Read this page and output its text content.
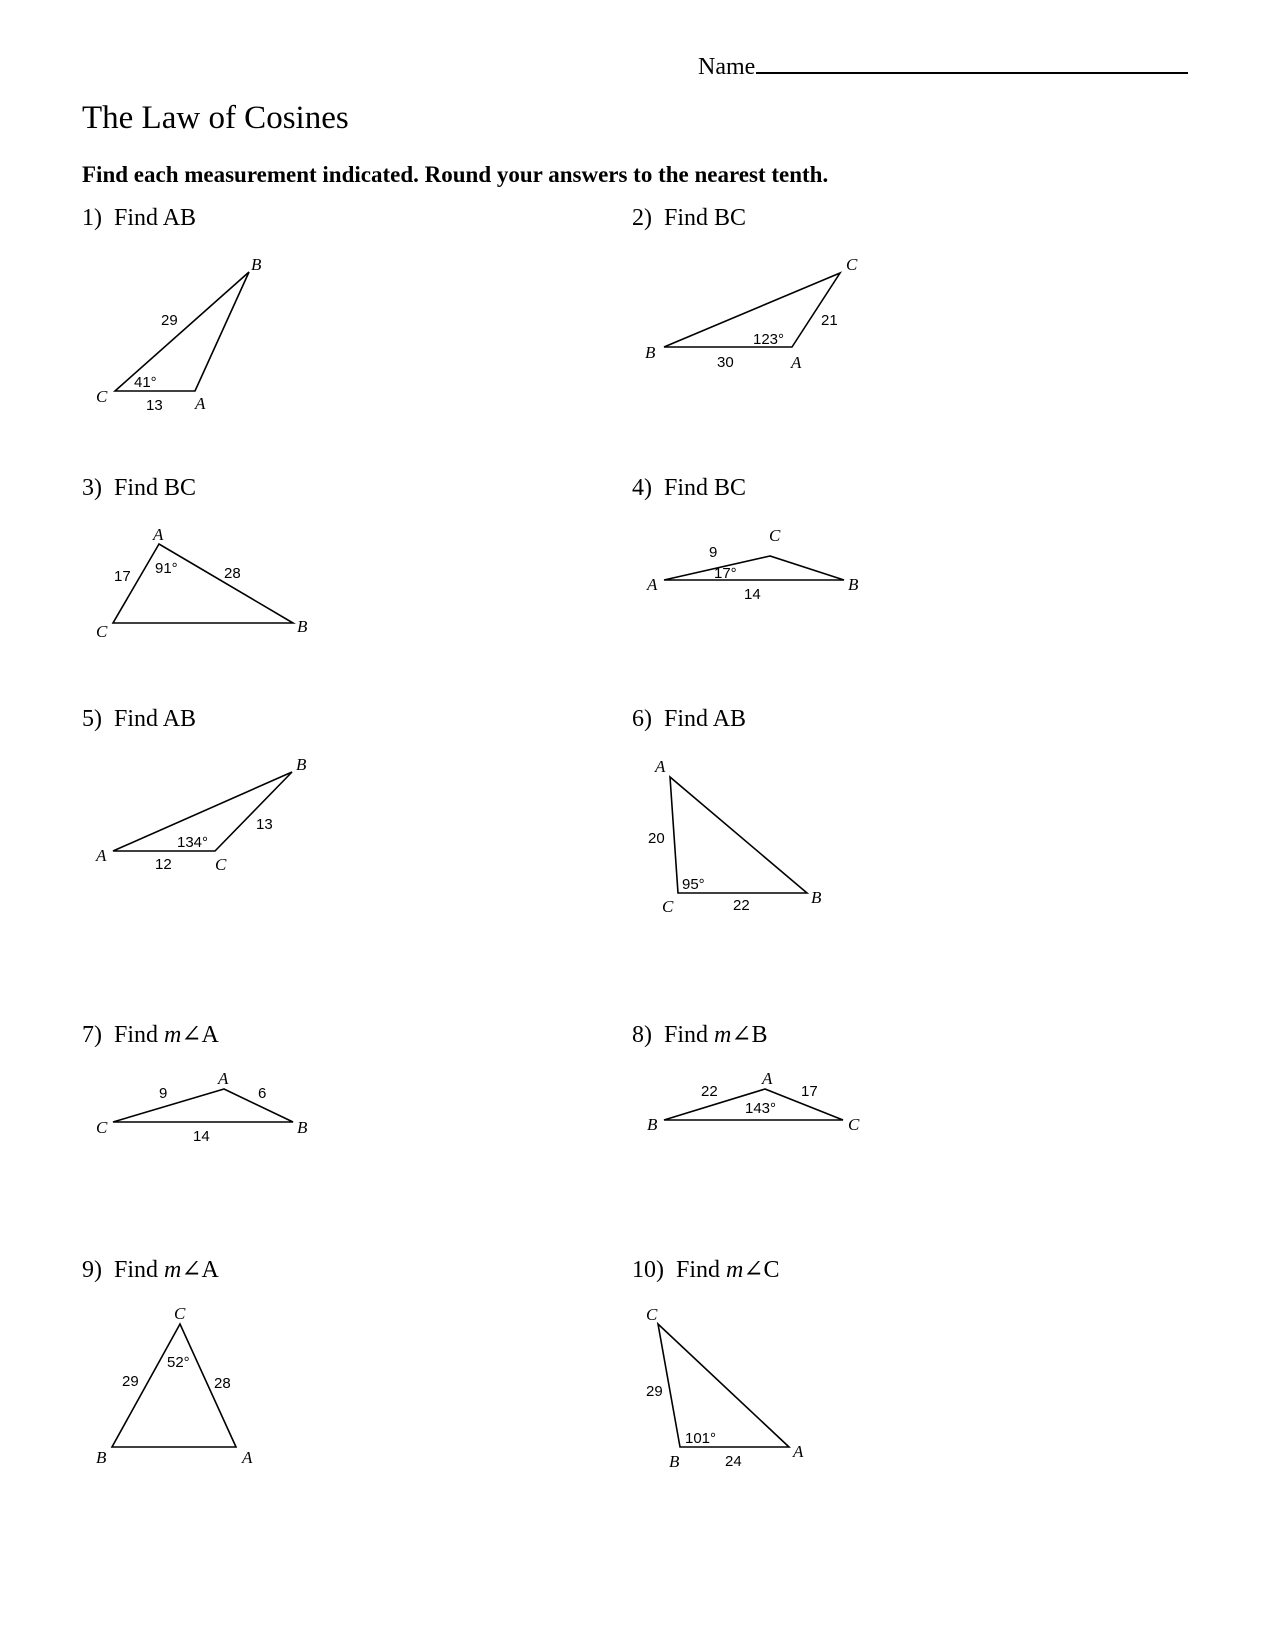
Name
The Law of Cosines
Find each measurement indicated. Round your answers to the nearest tenth.
1) Find AB
B
C	A
29
41°
13
2) Find BC
C
B
A
21
123°
30
3) Find BC
A
C	B
17 91°	28
4) Find BC
C
A	B
9
17°
14
5) Find AB
B
A	C
13
134°
12
6) Find AB
A
C	B
20
95°
22
7) Find m∠A
A
C	B
9	6
14
8) Find m∠B
A
B	C
22	17
143°
9) Find m∠A
C
B	A
52°
29	28
10) Find m∠C
C
B
A
29
101°
24
